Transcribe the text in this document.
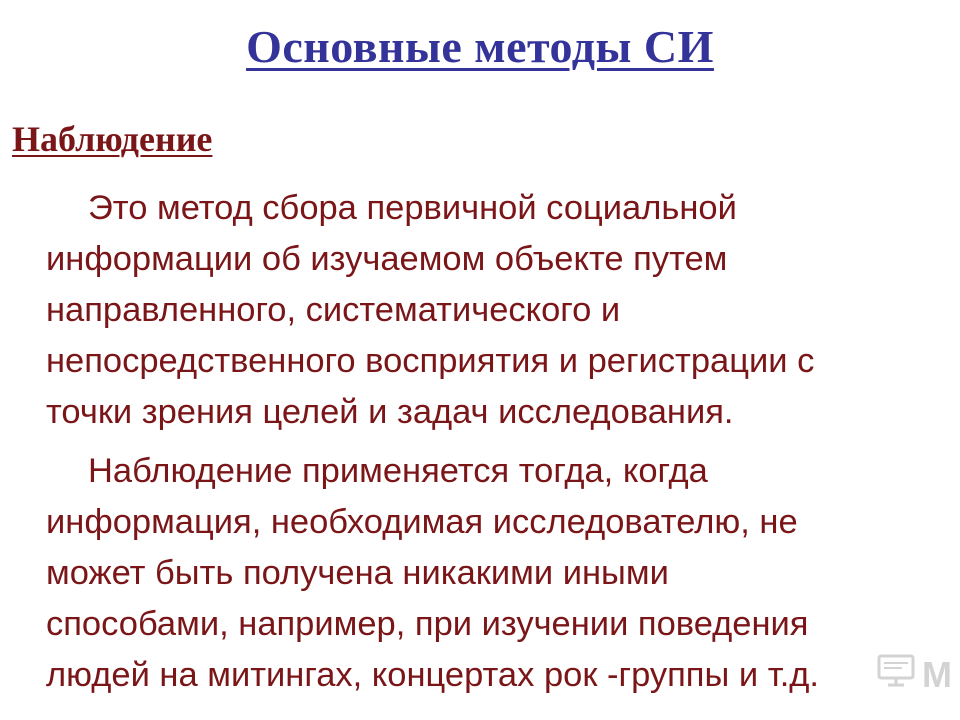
Основные методы СИ
Наблюдение
Это метод сбора первичной социальной
информации об изучаемом объекте путем
направленного, систематического и
непосредственного восприятия и регистрации с
точки зрения целей и задач исследования.
Наблюдение применяется тогда, когда
информация, необходимая исследователю, не
может быть получена никакими иными
способами, например, при изучении поведения
людей на митингах, концертах рок -группы и т.д.	M
